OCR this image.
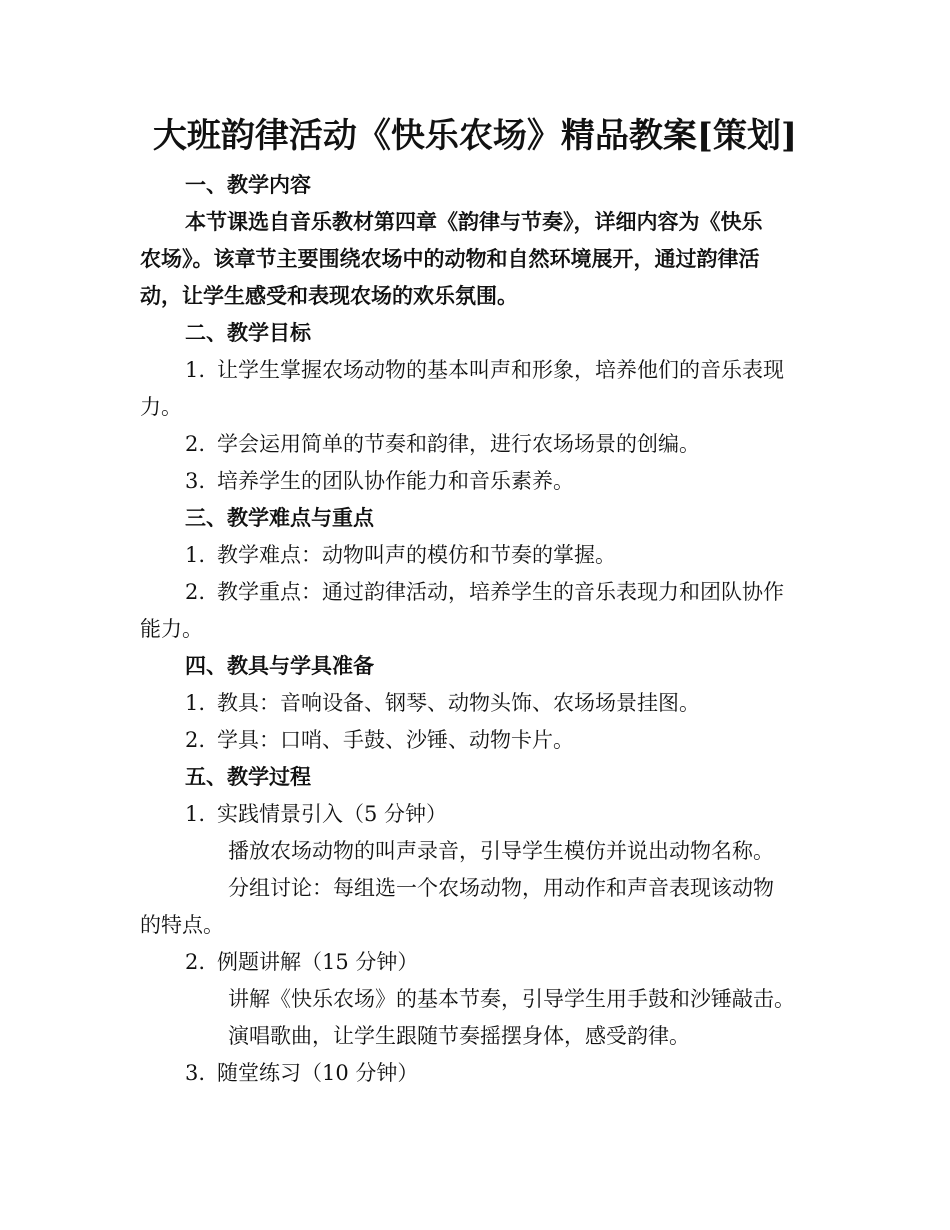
大班韵律活动《快乐农场》精品教案[策划]
一、教学内容
本节课选自音乐教材第四章《韵律与节奏》，详细内容为《快乐
农场》。该章节主要围绕农场中的动物和自然环境展开，通过韵律活
动，让学生感受和表现农场的欢乐氛围。
二、教学目标
1. 让学生掌握农场动物的基本叫声和形象，培养他们的音乐表现
力。
2. 学会运用简单的节奏和韵律，进行农场场景的创编。
3. 培养学生的团队协作能力和音乐素养。
三、教学难点与重点
1. 教学难点：动物叫声的模仿和节奏的掌握。
2. 教学重点：通过韵律活动，培养学生的音乐表现力和团队协作
能力。
四、教具与学具准备
1. 教具：音响设备、钢琴、动物头饰、农场场景挂图。
2. 学具：口哨、手鼓、沙锤、动物卡片。
五、教学过程
1. 实践情景引入（5 分钟）
播放农场动物的叫声录音，引导学生模仿并说出动物名称。
分组讨论：每组选一个农场动物，用动作和声音表现该动物
的特点。
2. 例题讲解（15 分钟）
讲解《快乐农场》的基本节奏，引导学生用手鼓和沙锤敲击。
演唱歌曲，让学生跟随节奏摇摆身体，感受韵律。
3. 随堂练习（10 分钟）
